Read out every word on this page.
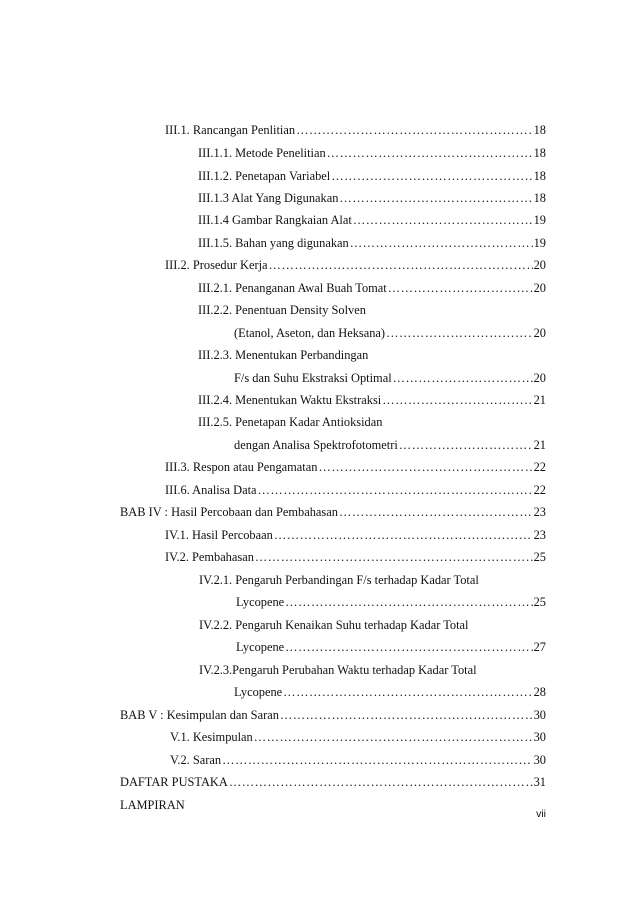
III.1. Rancangan Penlitian …………………………………………………………………………………………………………………………………………………………………………	18
III.1.1. Metode Penelitian …………………………………………………………………………………………………………………………………………………………………………	18
III.1.2. Penetapan Variabel …………………………………………………………………………………………………………………………………………………………………………	18
III.1.3 Alat Yang Digunakan …………………………………………………………………………………………………………………………………………………………………………	18
III.1.4 Gambar Rangkaian Alat …………………………………………………………………………………………………………………………………………………………………………	19
III.1.5. Bahan yang digunakan …………………………………………………………………………………………………………………………………………………………………………	19
III.2. Prosedur Kerja …………………………………………………………………………………………………………………………………………………………………………	20
III.2.1. Penanganan Awal Buah Tomat …………………………………………………………………………………………………………………………………………………………………………	20
III.2.2. Penentuan Density Solven
(Etanol, Aseton, dan Heksana) …………………………………………………………………………………………………………………………………………………………………………	20
III.2.3. Menentukan Perbandingan
F/s dan Suhu Ekstraksi Optimal …………………………………………………………………………………………………………………………………………………………………………	20
III.2.4. Menentukan Waktu Ekstraksi …………………………………………………………………………………………………………………………………………………………………………	21
III.2.5. Penetapan Kadar Antioksidan
dengan Analisa Spektrofotometri …………………………………………………………………………………………………………………………………………………………………………	21
III.3. Respon atau Pengamatan …………………………………………………………………………………………………………………………………………………………………………	22
III.6. Analisa Data …………………………………………………………………………………………………………………………………………………………………………	22
BAB IV : Hasil Percobaan dan Pembahasan …………………………………………………………………………………………………………………………………………………………………………	23
IV.1. Hasil Percobaan …………………………………………………………………………………………………………………………………………………………………………	23
IV.2. Pembahasan …………………………………………………………………………………………………………………………………………………………………………	25
IV.2.1. Pengaruh Perbandingan F/s terhadap Kadar Total
Lycopene …………………………………………………………………………………………………………………………………………………………………………	25
IV.2.2. Pengaruh Kenaikan Suhu terhadap Kadar Total
Lycopene …………………………………………………………………………………………………………………………………………………………………………	27
IV.2.3.Pengaruh Perubahan Waktu terhadap Kadar Total
Lycopene …………………………………………………………………………………………………………………………………………………………………………	28
BAB V : Kesimpulan dan Saran …………………………………………………………………………………………………………………………………………………………………………	30
V.1. Kesimpulan …………………………………………………………………………………………………………………………………………………………………………	30
V.2. Saran …………………………………………………………………………………………………………………………………………………………………………	30
DAFTAR PUSTAKA …………………………………………………………………………………………………………………………………………………………………………	31
LAMPIRAN
vii
